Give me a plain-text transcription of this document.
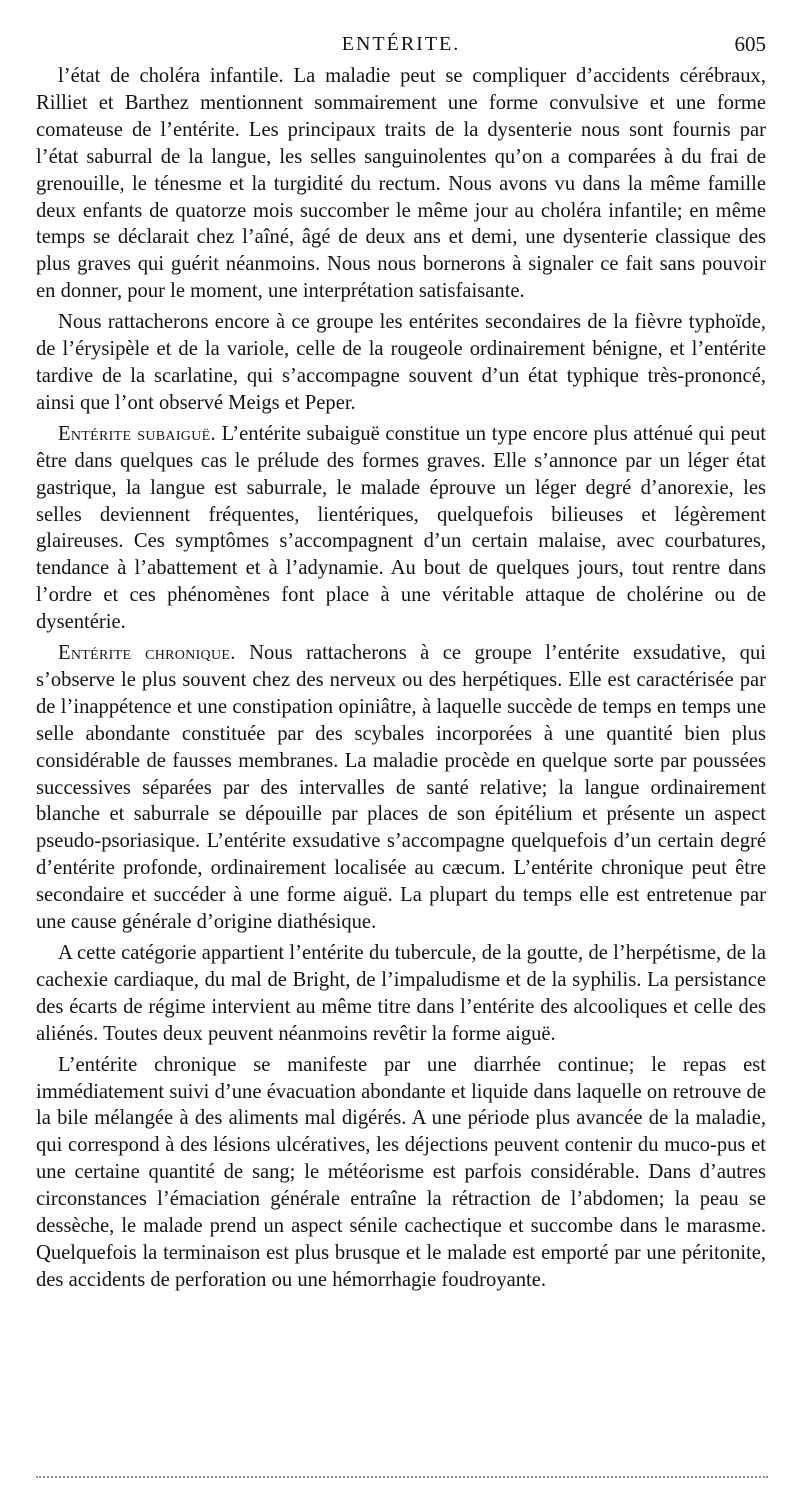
ENTÉRITE.	605

l’état de choléra infantile. La maladie peut se compliquer d’accidents cérébraux, Rilliet et Barthez mentionnent sommairement une forme convulsive et une forme comateuse de l’entérite. Les principaux traits de la dysenterie nous sont fournis par l’état saburral de la langue, les selles sanguinolentes qu’on a comparées à du frai de grenouille, le ténesme et la turgidité du rectum. Nous avons vu dans la même famille deux enfants de quatorze mois succomber le même jour au choléra infantile; en même temps se déclarait chez l’aîné, âgé de deux ans et demi, une dysenterie classique des plus graves qui guérit néanmoins. Nous nous bornerons à signaler ce fait sans pouvoir en donner, pour le moment, une interprétation satisfaisante.

Nous rattacherons encore à ce groupe les entérites secondaires de la fièvre typhoïde, de l’érysipèle et de la variole, celle de la rougeole ordinairement bénigne, et l’entérite tardive de la scarlatine, qui s’accompagne souvent d’un état typhique très-prononcé, ainsi que l’ont observé Meigs et Peper.

Entérite subaiguë. L’entérite subaiguë constitue un type encore plus atténué qui peut être dans quelques cas le prélude des formes graves. Elle s’annonce par un léger état gastrique, la langue est saburrale, le malade éprouve un léger degré d’anorexie, les selles deviennent fréquentes, lientériques, quelquefois bilieuses et légèrement glaireuses. Ces symptômes s’accompagnent d’un certain malaise, avec courbatures, tendance à l’abattement et à l’adynamie. Au bout de quelques jours, tout rentre dans l’ordre et ces phénomènes font place à une véritable attaque de cholérine ou de dysentérie.

Entérite chronique. Nous rattacherons à ce groupe l’entérite exsudative, qui s’observe le plus souvent chez des nerveux ou des herpétiques. Elle est caractérisée par de l’inappétence et une constipation opiniâtre, à laquelle succède de temps en temps une selle abondante constituée par des scybales incorporées à une quantité bien plus considérable de fausses membranes. La maladie procède en quelque sorte par poussées successives séparées par des intervalles de santé relative; la langue ordinairement blanche et saburrale se dépouille par places de son épitélium et présente un aspect pseudo-psoriasique. L’entérite exsudative s’accompagne quelquefois d’un certain degré d’entérite profonde, ordinairement localisée au cæcum. L’entérite chronique peut être secondaire et succéder à une forme aiguë. La plupart du temps elle est entretenue par une cause générale d’origine diathésique.

A cette catégorie appartient l’entérite du tubercule, de la goutte, de l’herpétisme, de la cachexie cardiaque, du mal de Bright, de l’impaludisme et de la syphilis. La persistance des écarts de régime intervient au même titre dans l’entérite des alcooliques et celle des aliénés. Toutes deux peuvent néanmoins revêtir la forme aiguë.

L’entérite chronique se manifeste par une diarrhée continue; le repas est immédiatement suivi d’une évacuation abondante et liquide dans laquelle on retrouve de la bile mélangée à des aliments mal digérés. A une période plus avancée de la maladie, qui correspond à des lésions ulcératives, les déjections peuvent contenir du muco-pus et une certaine quantité de sang; le météorisme est parfois considérable. Dans d’autres circonstances l’émaciation générale entraîne la rétraction de l’abdomen; la peau se dessèche, le malade prend un aspect sénile cachectique et succombe dans le marasme. Quelquefois la terminaison est plus brusque et le malade est emporté par une péritonite, des accidents de perforation ou une hémorrhagie foudroyante.
